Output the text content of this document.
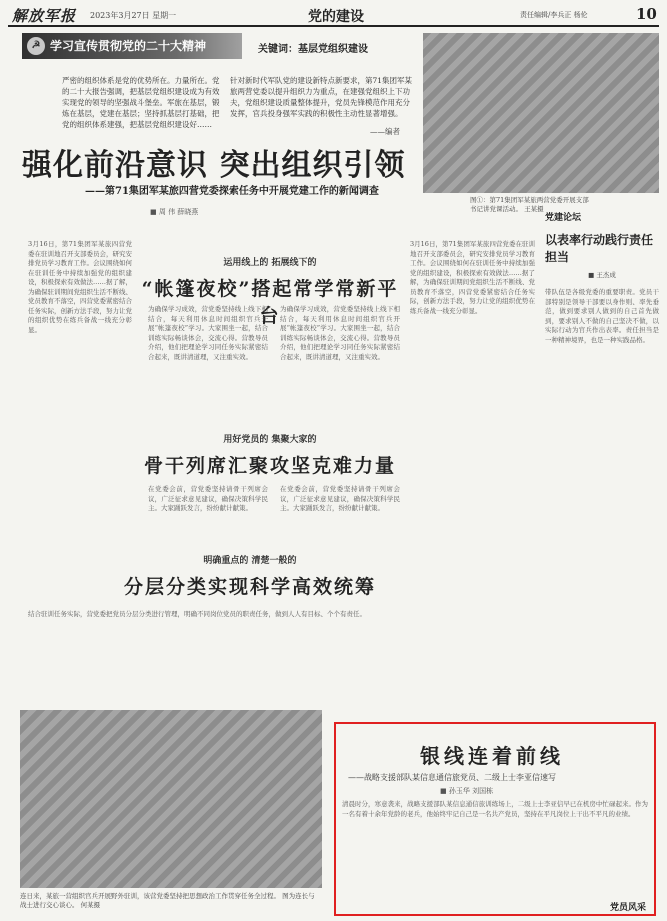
解放军报 2023年3月27日 星期一	党的建设	责任编辑/李兵正 杨伦	10
☭ 学习宣传贯彻党的二十大精神	关键词：基层党组织建设
严密的组织体系是党的优势所在。力量所在。党的二十大报告强调，把基层党组织建设成为有效实现党的领导的坚强战斗堡垒。军旅在基层，锻炼在基层，党建在基层；坚持抓基层打基础，把党的组织体系建强，把基层党组织建设好……
针对新时代军队党的建设新特点新要求，第71集团军某旅两营党委以提升组织力为重点，在建强党组织上下功夫，党组织建设质量整体提升，党员先锋模范作用充分发挥，官兵投身强军实践的积极性主动性显著增强。
——编者
图①：第71集团军某旅两营党委开展支部书记讲党课活动。 王某摄
强化前沿意识 突出组织引领
——第71集团军某旅四营党委探索任务中开展党建工作的新闻调查
■ 周 伟 薛晓燕
运用线上的 拓展线下的
“帐篷夜校”搭起常学常新平台
3月16日，第71集团军某旅四营党委在驻训地召开支部委员会，研究安排党员学习教育工作。会议围绕如何在驻训任务中持续加强党的组织建设，积极探索有效做法……据了解，为确保驻训期间党组织生活不断线、党员教育不落空，四营党委紧密结合任务实际，创新方法手段，努力让党的组织优势在练兵备战一线充分彰显。
为确保学习成效，营党委坚持线上线下相结合，每天利用休息时间组织官兵开展“帐篷夜校”学习。大家围坐一起，结合训练实际畅谈体会，交流心得。营教导员介绍，他们把理论学习同任务实际紧密结合起来，既讲清道理，又注重实效。
为确保学习成效，营党委坚持线上线下相结合，每天利用休息时间组织官兵开展“帐篷夜校”学习。大家围坐一起，结合训练实际畅谈体会，交流心得。营教导员介绍，他们把理论学习同任务实际紧密结合起来，既讲清道理，又注重实效。
3月16日，第71集团军某旅四营党委在驻训地召开支部委员会，研究安排党员学习教育工作。会议围绕如何在驻训任务中持续加强党的组织建设，积极探索有效做法……据了解，为确保驻训期间党组织生活不断线、党员教育不落空，四营党委紧密结合任务实际，创新方法手段，努力让党的组织优势在练兵备战一线充分彰显。
用好党员的 集聚大家的
骨干列席汇聚攻坚克难力量
在党委会前，营党委坚持请骨干列席会议，广泛征求意见建议，确保决策科学民主。大家踊跃发言，纷纷献计献策。
在党委会前，营党委坚持请骨干列席会议，广泛征求意见建议，确保决策科学民主。大家踊跃发言，纷纷献计献策。
明确重点的 清楚一般的
分层分类实现科学高效统筹
结合驻训任务实际，营党委把党员分层分类进行管理，明确不同岗位党员的职责任务，做到人人有目标、个个有责任。
党建论坛
以表率行动践行责任担当
■ 王杰成
带队伍是各级党委的重要职责。党员干部特别是领导干部要以身作则、率先垂范，做到要求别人做到的自己首先做到，要求别人不做的自己坚决不做，以实际行动为官兵作出表率。责任担当是一种精神境界，也是一种实践品格。
连日来，某旅一营组织官兵开展野外驻训，该营党委坚持把思想政治工作贯穿任务全过程。 图为连长与战士进行交心谈心。 何某摄
银线连着前线
——战略支援部队某信息通信旅党员、二级上士李亚信速写
■ 孙玉华 刘国栋
清晨时分，寒意袭来，战略支援部队某信息通信旅训练场上，二级上士李亚信早已在机房中忙碌起来。作为一名有着十余年党龄的老兵，他始终牢记自己是一名共产党员，坚持在平凡岗位上干出不平凡的业绩。
党员风采
